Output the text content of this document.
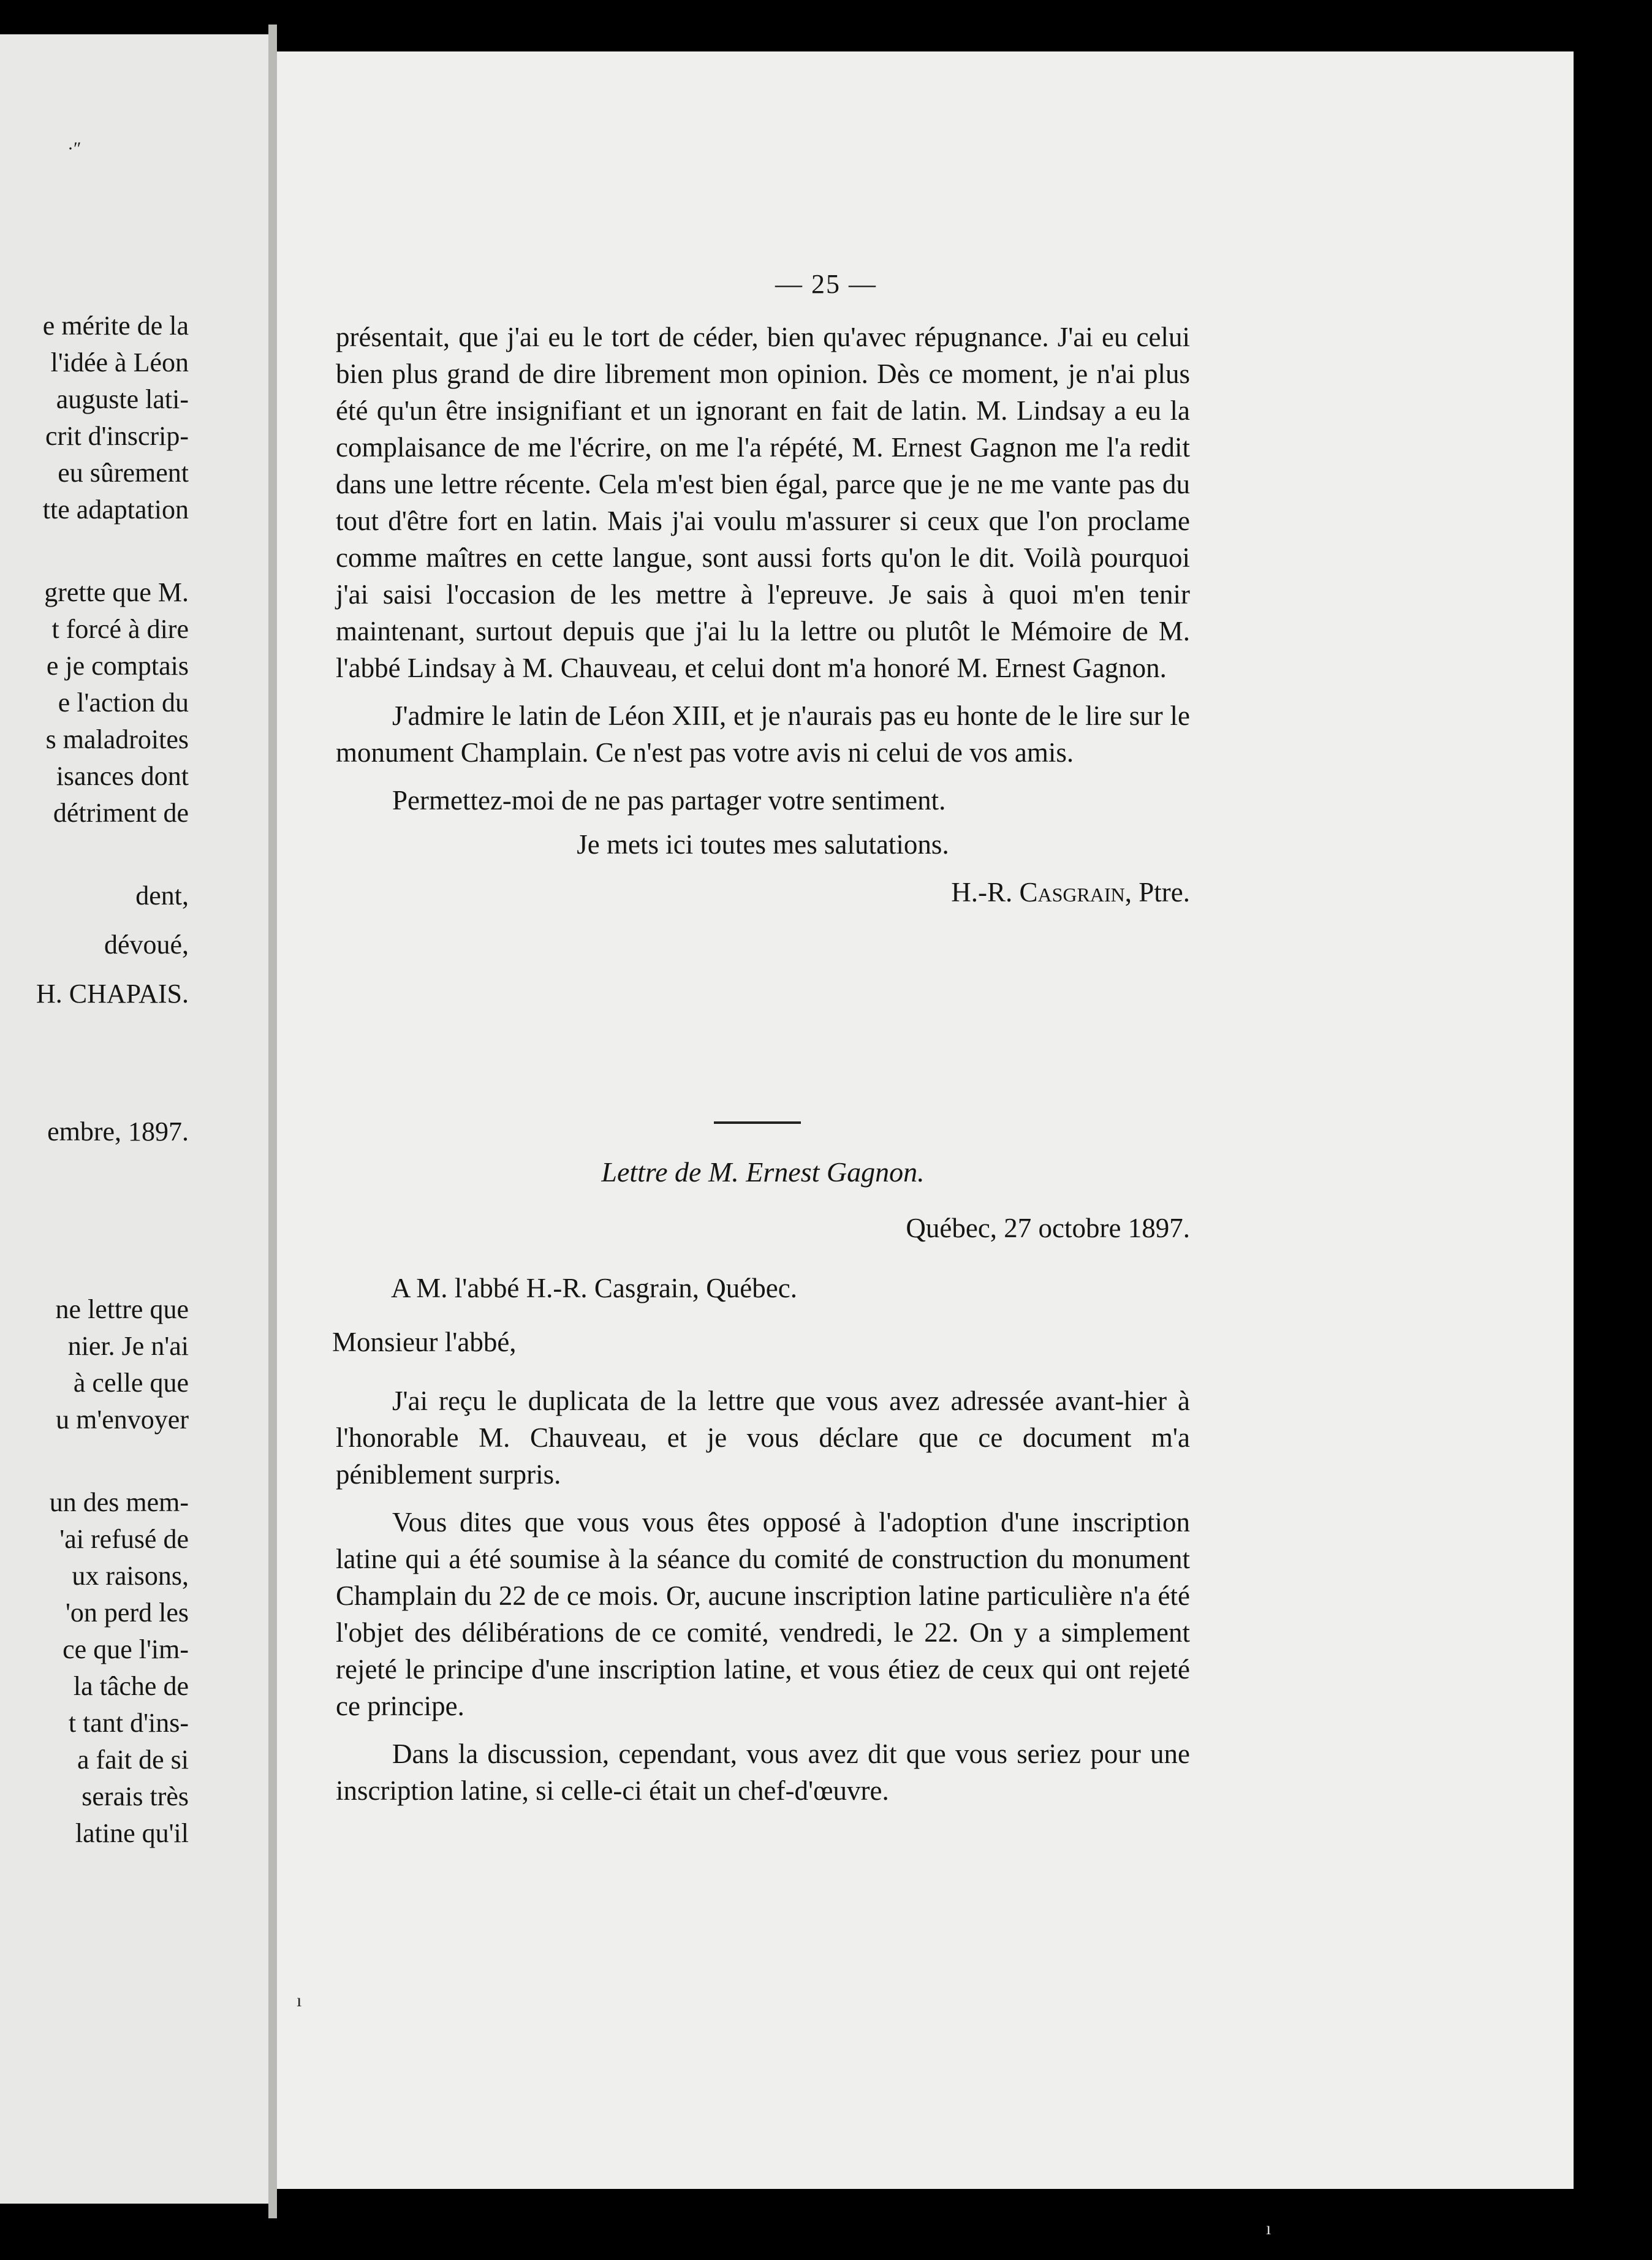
·ʺ
e mérite de la
l'idée à Léon
auguste lati-
crit d'inscrip-
eu sûrement
tte adaptation
grette que M.
t forcé à dire
e je comptais
e l'action du
s maladroites
isances dont
détriment de
dent,
dévoué,
H. CHAPAIS.
embre, 1897.
ne lettre que
nier. Je n'ai
à celle que
u m'envoyer
un des mem-
'ai refusé de
ux raisons,
'on perd les
ce que l'im-
la tâche de
t tant d'ins-
a fait de si
serais très
latine qu'il
— 25 —

présentait, que j'ai eu le tort de céder, bien qu'avec répugnance. J'ai eu celui bien plus grand de dire librement mon opinion. Dès ce moment, je n'ai plus été qu'un être insignifiant et un ignorant en fait de latin. M. Lindsay a eu la complaisance de me l'écrire, on me l'a répété, M. Ernest Gagnon me l'a redit dans une lettre récente. Cela m'est bien égal, parce que je ne me vante pas du tout d'être fort en latin. Mais j'ai voulu m'assurer si ceux que l'on proclame comme maîtres en cette langue, sont aussi forts qu'on le dit. Voilà pourquoi j'ai saisi l'occasion de les mettre à l'epreuve. Je sais à quoi m'en tenir maintenant, surtout depuis que j'ai lu la lettre ou plutôt le Mémoire de M. l'abbé Lindsay à M. Chauveau, et celui dont m'a honoré M. Ernest Gagnon.

J'admire le latin de Léon XIII, et je n'aurais pas eu honte de le lire sur le monument Champlain. Ce n'est pas votre avis ni celui de vos amis.

Permettez-moi de ne pas partager votre sentiment.

Je mets ici toutes mes salutations.

H.-R. Casgrain, Ptre.

Lettre de M. Ernest Gagnon.
Québec, 27 octobre 1897.
A M. l'abbé H.-R. Casgrain, Québec.
Monsieur l'abbé,

J'ai reçu le duplicata de la lettre que vous avez adressée avant-hier à l'honorable M. Chauveau, et je vous déclare que ce document m'a péniblement surpris.

Vous dites que vous vous êtes opposé à l'adoption d'une inscription latine qui a été soumise à la séance du comité de construction du monument Champlain du 22 de ce mois. Or, aucune inscription latine particulière n'a été l'objet des délibérations de ce comité, vendredi, le 22. On y a simplement rejeté le principe d'une inscription latine, et vous étiez de ceux qui ont rejeté ce principe.

Dans la discussion, cependant, vous avez dit que vous seriez pour une inscription latine, si celle-ci était un chef-d'œuvre.

ı
ı
